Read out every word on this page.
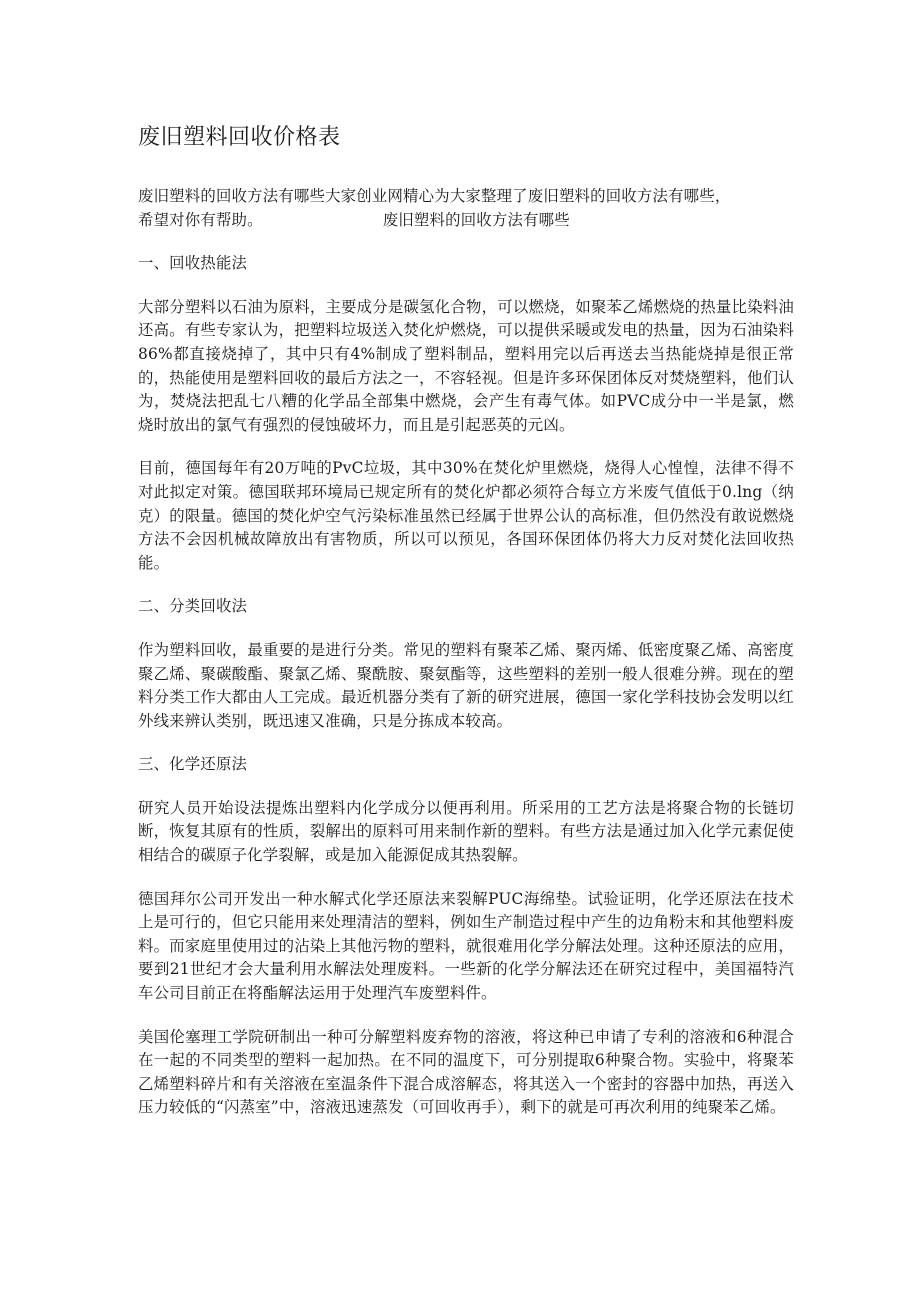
废旧塑料回收价格表

废旧塑料的回收方法有哪些大家创业网精心为大家整理了废旧塑料的回收方法有哪些，
希望对你有帮助。	废旧塑料的回收方法有哪些

一、回收热能法

大部分塑料以石油为原料，主要成分是碳氢化合物，可以燃烧，如聚苯乙烯燃烧的热量比染料油还高。有些专家认为，把塑料垃圾送入焚化炉燃烧，可以提供采暖或发电的热量，因为石油染料86%都直接烧掉了，其中只有4%制成了塑料制品，塑料用完以后再送去当热能烧掉是很正常的，热能使用是塑料回收的最后方法之一，不容轻视。但是许多环保团体反对焚烧塑料，他们认为，焚烧法把乱七八糟的化学品全部集中燃烧，会产生有毒气体。如PVC成分中一半是氯，燃烧时放出的氯气有强烈的侵蚀破坏力，而且是引起恶英的元凶。

目前，德国每年有20万吨的PvC垃圾，其中30%在焚化炉里燃烧，烧得人心惶惶，法律不得不对此拟定对策。德国联邦环境局已规定所有的焚化炉都必须符合每立方米废气值低于0.lng（纳克）的限量。德国的焚化炉空气污染标准虽然已经属于世界公认的高标准，但仍然没有敢说燃烧方法不会因机械故障放出有害物质，所以可以预见，各国环保团体仍将大力反对焚化法回收热能。

二、分类回收法

作为塑料回收，最重要的是进行分类。常见的塑料有聚苯乙烯、聚丙烯、低密度聚乙烯、高密度聚乙烯、聚碳酸酯、聚氯乙烯、聚酰胺、聚氨酯等，这些塑料的差别一般人很难分辨。现在的塑料分类工作大都由人工完成。最近机器分类有了新的研究进展，德国一家化学科技协会发明以红外线来辨认类别，既迅速又准确，只是分拣成本较高。

三、化学还原法

研究人员开始设法提炼出塑料内化学成分以便再利用。所采用的工艺方法是将聚合物的长链切断，恢复其原有的性质，裂解出的原料可用来制作新的塑料。有些方法是通过加入化学元素促使相结合的碳原子化学裂解，或是加入能源促成其热裂解。

德国拜尔公司开发出一种水解式化学还原法来裂解PUC海绵垫。试验证明，化学还原法在技术上是可行的，但它只能用来处理清洁的塑料，例如生产制造过程中产生的边角粉末和其他塑料废料。而家庭里使用过的沾染上其他污物的塑料，就很难用化学分解法处理。这种还原法的应用，要到21世纪才会大量利用水解法处理废料。一些新的化学分解法还在研究过程中，美国福特汽车公司目前正在将酯解法运用于处理汽车废塑料件。

美国伦塞理工学院研制出一种可分解塑料废弃物的溶液，将这种已申请了专利的溶液和6种混合在一起的不同类型的塑料一起加热。在不同的温度下，可分别提取6种聚合物。实验中，将聚苯乙烯塑料碎片和有关溶液在室温条件下混合成溶解态，将其送入一个密封的容器中加热，再送入压力较低的“闪蒸室”中，溶液迅速蒸发（可回收再手），剩下的就是可再次利用的纯聚苯乙烯。
